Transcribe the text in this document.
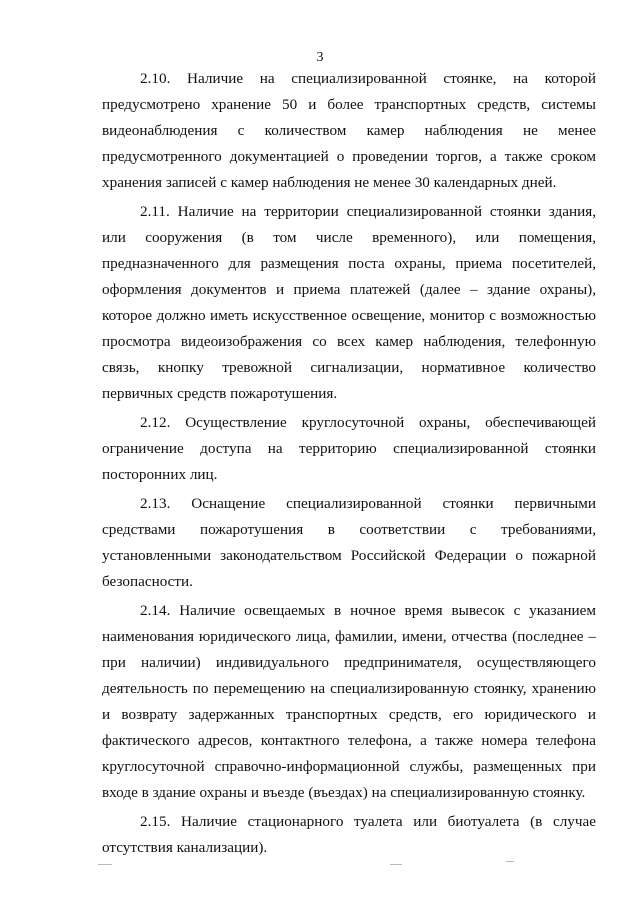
3

2.10. Наличие на специализированной стоянке, на которой предусмотрено хранение 50 и более транспортных средств, системы видеонаблюдения с количеством камер наблюдения не менее предусмотренного документацией о проведении торгов, а также сроком хранения записей с камер наблюдения не менее 30 календарных дней.

2.11. Наличие на территории специализированной стоянки здания, или сооружения (в том числе временного), или помещения, предназначенного для размещения поста охраны, приема посетителей, оформления документов и приема платежей (далее – здание охраны), которое должно иметь искусственное освещение, монитор с возможностью просмотра видеоизображения со всех камер наблюдения, телефонную связь, кнопку тревожной сигнализации, нормативное количество первичных средств пожаротушения.

2.12. Осуществление круглосуточной охраны, обеспечивающей ограничение доступа на территорию специализированной стоянки посторонних лиц.

2.13. Оснащение специализированной стоянки первичными средствами пожаротушения в соответствии с требованиями, установленными законодательством Российской Федерации о пожарной безопасности.

2.14. Наличие освещаемых в ночное время вывесок с указанием наименования юридического лица, фамилии, имени, отчества (последнее – при наличии) индивидуального предпринимателя, осуществляющего деятельность по перемещению на специализированную стоянку, хранению и возврату задержанных транспортных средств, его юридического и фактического адресов, контактного телефона, а также номера телефона круглосуточной справочно-информационной службы, размещенных при входе в здание охраны и въезде (въездах) на специализированную стоянку.

2.15. Наличие стационарного туалета или биотуалета (в случае отсутствия канализации).
